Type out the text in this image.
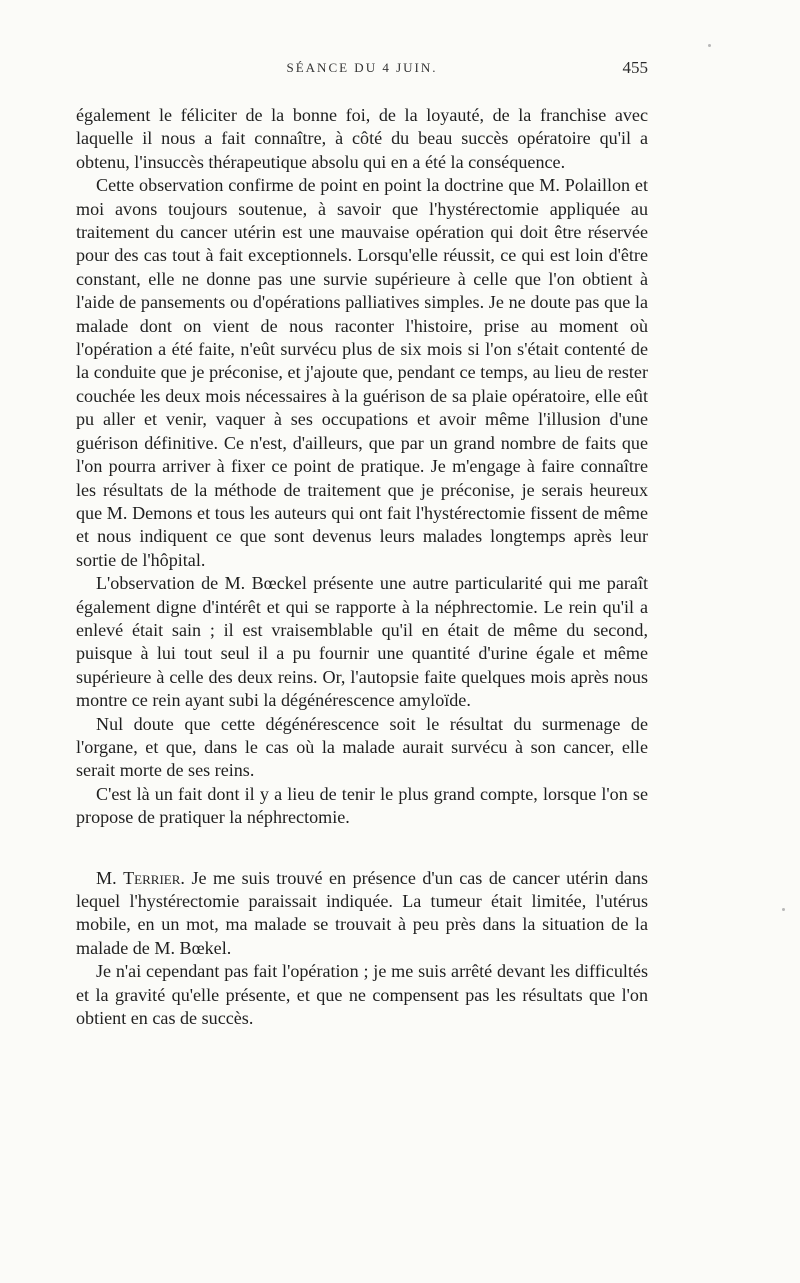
SÉANCE DU 4 JUIN.	455

également le féliciter de la bonne foi, de la loyauté, de la franchise avec laquelle il nous a fait connaître, à côté du beau succès opératoire qu'il a obtenu, l'insuccès thérapeutique absolu qui en a été la conséquence.

Cette observation confirme de point en point la doctrine que M. Polaillon et moi avons toujours soutenue, à savoir que l'hystérectomie appliquée au traitement du cancer utérin est une mauvaise opération qui doit être réservée pour des cas tout à fait exceptionnels. Lorsqu'elle réussit, ce qui est loin d'être constant, elle ne donne pas une survie supérieure à celle que l'on obtient à l'aide de pansements ou d'opérations palliatives simples. Je ne doute pas que la malade dont on vient de nous raconter l'histoire, prise au moment où l'opération a été faite, n'eût survécu plus de six mois si l'on s'était contenté de la conduite que je préconise, et j'ajoute que, pendant ce temps, au lieu de rester couchée les deux mois nécessaires à la guérison de sa plaie opératoire, elle eût pu aller et venir, vaquer à ses occupations et avoir même l'illusion d'une guérison définitive. Ce n'est, d'ailleurs, que par un grand nombre de faits que l'on pourra arriver à fixer ce point de pratique. Je m'engage à faire connaître les résultats de la méthode de traitement que je préconise, je serais heureux que M. Demons et tous les auteurs qui ont fait l'hystérectomie fissent de même et nous indiquent ce que sont devenus leurs malades longtemps après leur sortie de l'hôpital.

L'observation de M. Bœckel présente une autre particularité qui me paraît également digne d'intérêt et qui se rapporte à la néphrectomie. Le rein qu'il a enlevé était sain ; il est vraisemblable qu'il en était de même du second, puisque à lui tout seul il a pu fournir une quantité d'urine égale et même supérieure à celle des deux reins. Or, l'autopsie faite quelques mois après nous montre ce rein ayant subi la dégénérescence amyloïde.

Nul doute que cette dégénérescence soit le résultat du surmenage de l'organe, et que, dans le cas où la malade aurait survécu à son cancer, elle serait morte de ses reins.

C'est là un fait dont il y a lieu de tenir le plus grand compte, lorsque l'on se propose de pratiquer la néphrectomie.

M. Terrier. Je me suis trouvé en présence d'un cas de cancer utérin dans lequel l'hystérectomie paraissait indiquée. La tumeur était limitée, l'utérus mobile, en un mot, ma malade se trouvait à peu près dans la situation de la malade de M. Bœkel.

Je n'ai cependant pas fait l'opération ; je me suis arrêté devant les difficultés et la gravité qu'elle présente, et que ne compensent pas les résultats que l'on obtient en cas de succès.
